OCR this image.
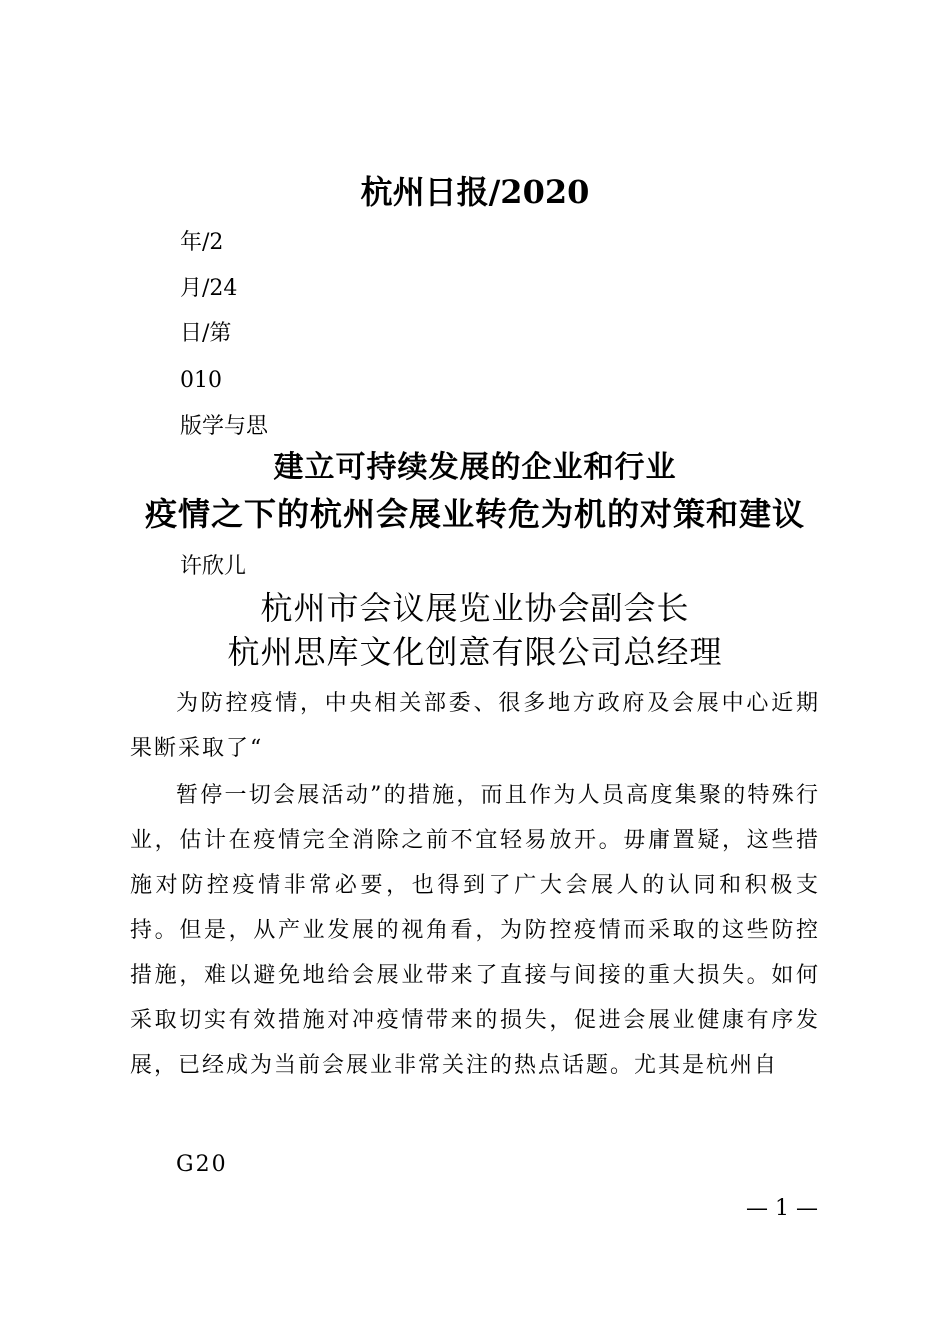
杭州日报/2020
年/2
月/24
日/第
010
版学与思
建立可持续发展的企业和行业
疫情之下的杭州会展业转危为机的对策和建议
许欣儿
杭州市会议展览业协会副会长
杭州思库文化创意有限公司总经理

为防控疫情，中央相关部委、很多地方政府及会展中心近期果断采取了“

暂停一切会展活动”的措施，而且作为人员高度集聚的特殊行业，估计在疫情完全消除之前不宜轻易放开。毋庸置疑，这些措施对防控疫情非常必要，也得到了广大会展人的认同和积极支持。但是，从产业发展的视角看，为防控疫情而采取的这些防控措施，难以避免地给会展业带来了直接与间接的重大损失。如何采取切实有效措施对冲疫情带来的损失，促进会展业健康有序发展，已经成为当前会展业非常关注的热点话题。尤其是杭州自

G20

— 1 —
